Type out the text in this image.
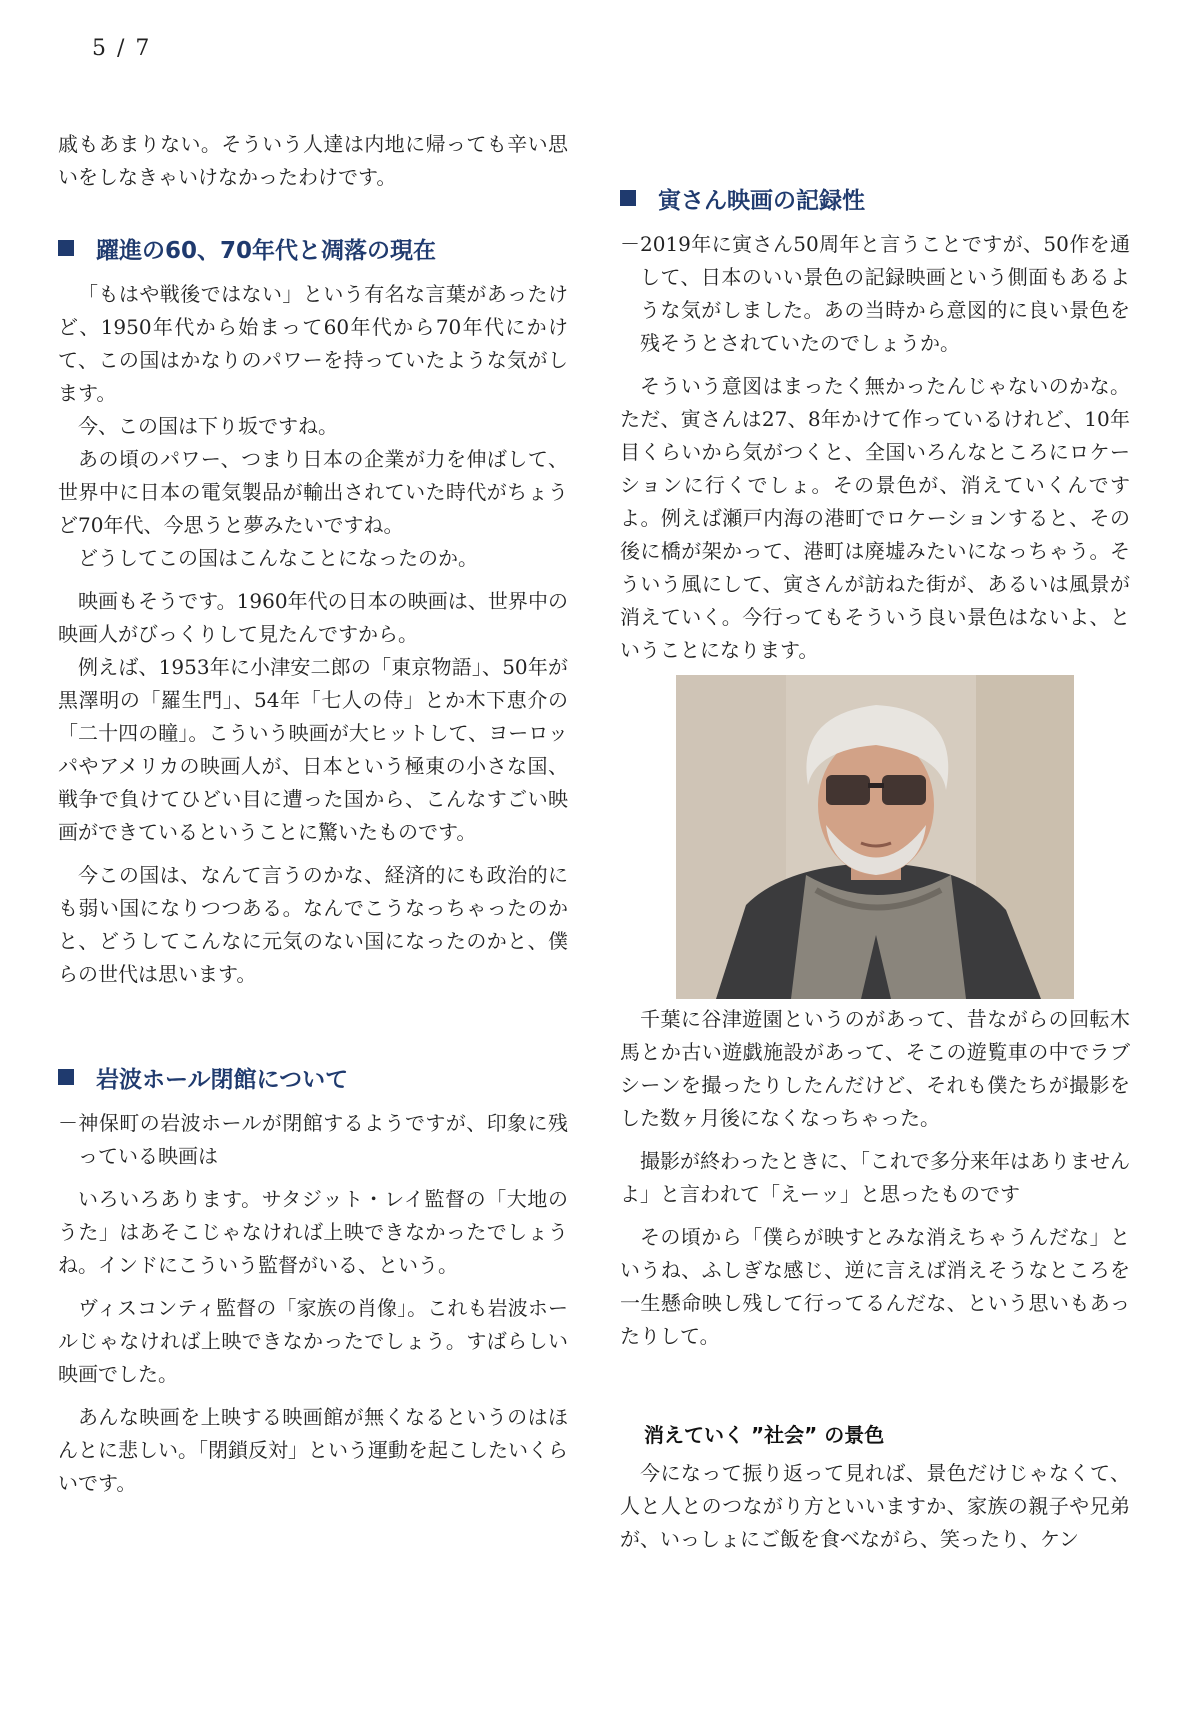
5 / 7

戚もあまりない。そういう人達は内地に帰っても辛い思いをしなきゃいけなかったわけです。

躍進の60、70年代と凋落の現在

「もはや戦後ではない」という有名な言葉があったけど、1950年代から始まって60年代から70年代にかけて、この国はかなりのパワーを持っていたような気がします。

今、この国は下り坂ですね。

あの頃のパワー、つまり日本の企業が力を伸ばして、世界中に日本の電気製品が輸出されていた時代がちょうど70年代、今思うと夢みたいですね。

どうしてこの国はこんなことになったのか。

映画もそうです。1960年代の日本の映画は、世界中の映画人がびっくりして見たんですから。

例えば、1953年に小津安二郎の「東京物語」、50年が黒澤明の「羅生門」、54年「七人の侍」とか木下恵介の「二十四の瞳」。こういう映画が大ヒットして、ヨーロッパやアメリカの映画人が、日本という極東の小さな国、戦争で負けてひどい目に遭った国から、こんなすごい映画ができているということに驚いたものです。

今この国は、なんて言うのかな、経済的にも政治的にも弱い国になりつつある。なんでこうなっちゃったのかと、どうしてこんなに元気のない国になったのかと、僕らの世代は思います。

岩波ホール閉館について

－神保町の岩波ホールが閉館するようですが、印象に残っている映画は

いろいろあります。サタジット・レイ監督の「大地のうた」はあそこじゃなければ上映できなかったでしょうね。インドにこういう監督がいる、という。

ヴィスコンティ監督の「家族の肖像」。これも岩波ホールじゃなければ上映できなかったでしょう。すばらしい映画でした。

あんな映画を上映する映画館が無くなるというのはほんとに悲しい。「閉鎖反対」という運動を起こしたいくらいです。

寅さん映画の記録性

－2019年に寅さん50周年と言うことですが、50作を通して、日本のいい景色の記録映画という側面もあるような気がしました。あの当時から意図的に良い景色を残そうとされていたのでしょうか。

そういう意図はまったく無かったんじゃないのかな。ただ、寅さんは27、8年かけて作っているけれど、10年目くらいから気がつくと、全国いろんなところにロケーションに行くでしょ。その景色が、消えていくんですよ。例えば瀬戸内海の港町でロケーションすると、その後に橋が架かって、港町は廃墟みたいになっちゃう。そういう風にして、寅さんが訪ねた街が、あるいは風景が消えていく。今行ってもそういう良い景色はないよ、ということになります。

千葉に谷津遊園というのがあって、昔ながらの回転木馬とか古い遊戯施設があって、そこの遊覧車の中でラブシーンを撮ったりしたんだけど、それも僕たちが撮影をした数ヶ月後になくなっちゃった。

撮影が終わったときに、「これで多分来年はありませんよ」と言われて「えーッ」と思ったものです

その頃から「僕らが映すとみな消えちゃうんだな」というね、ふしぎな感じ、逆に言えば消えそうなところを一生懸命映し残して行ってるんだな、という思いもあったりして。

消えていく ”社会” の景色

今になって振り返って見れば、景色だけじゃなくて、人と人とのつながり方といいますか、家族の親子や兄弟が、いっしょにご飯を食べながら、笑ったり、ケン
